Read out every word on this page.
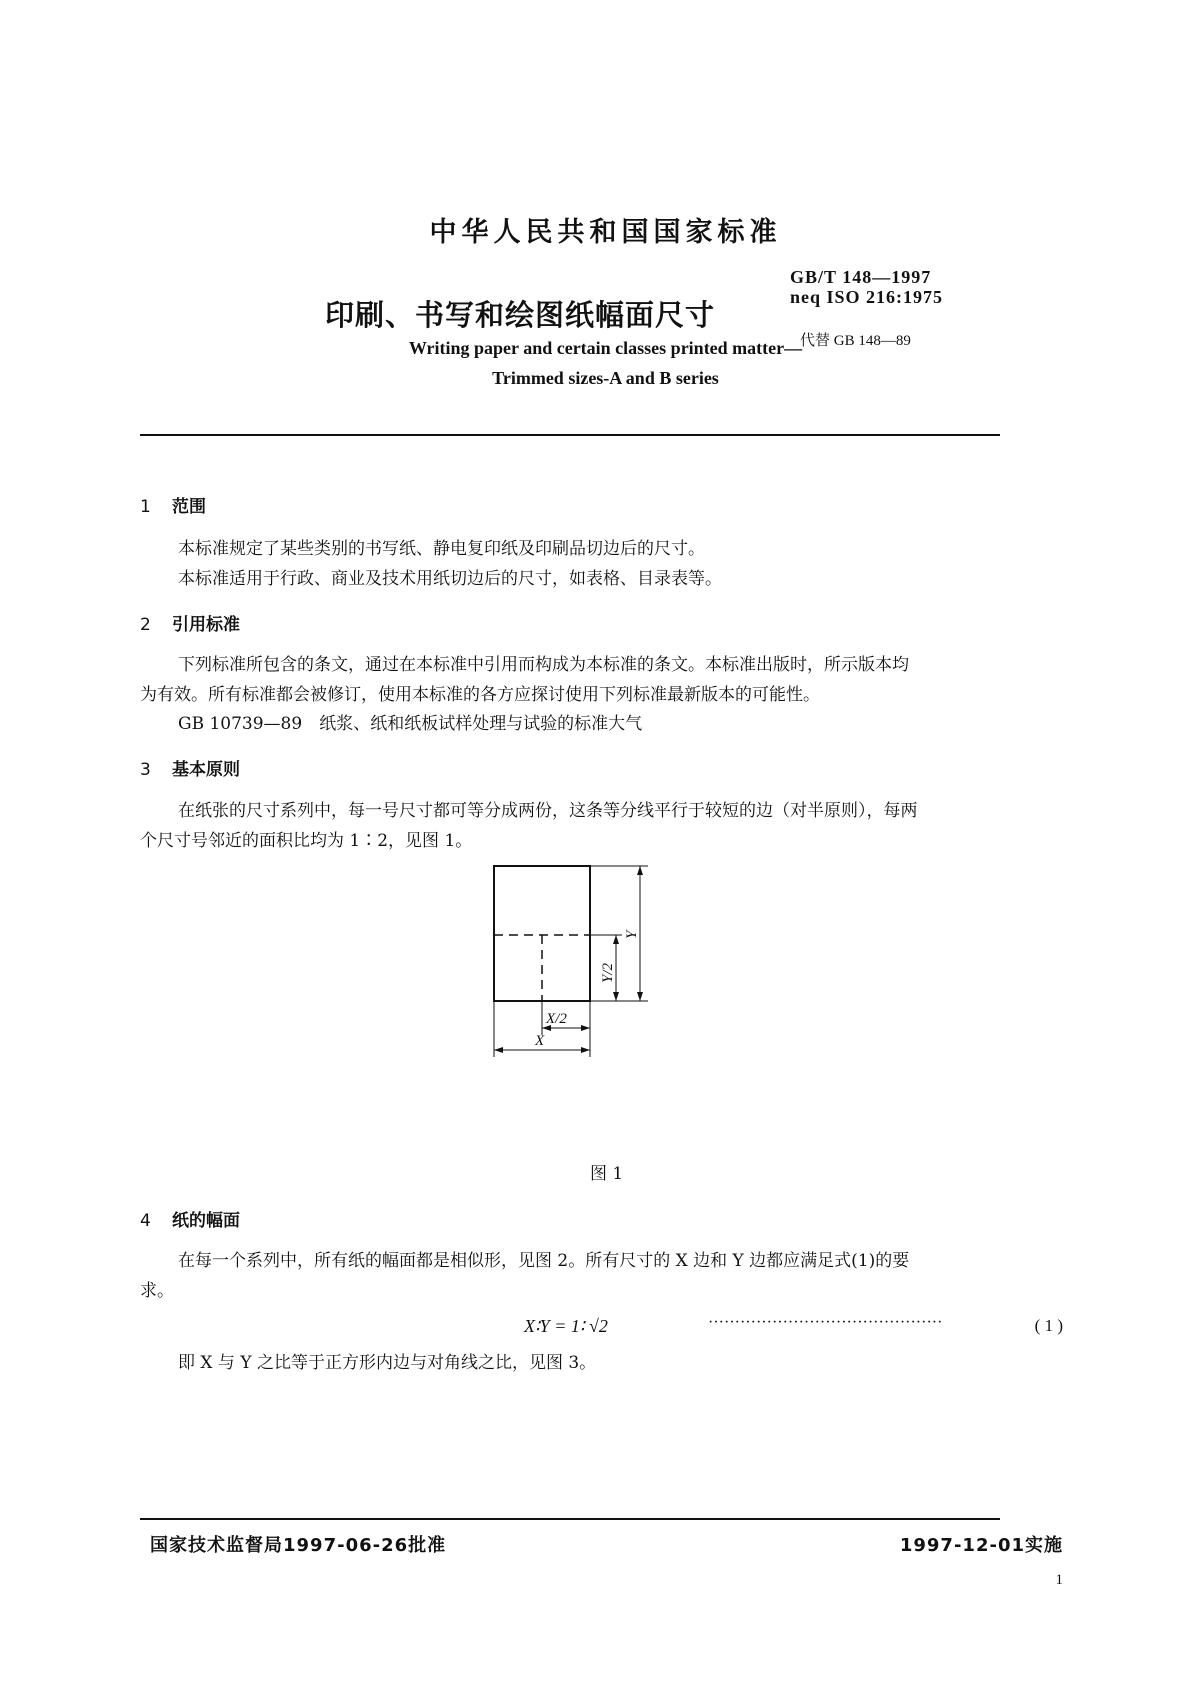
中华人民共和国国家标准
印刷、书写和绘图纸幅面尺寸
GB/T 148—1997
neq ISO 216:1975
代替 GB 148—89
Writing paper and certain classes printed matter—
Trimmed sizes-A and B series
1 范围
本标准规定了某些类别的书写纸、静电复印纸及印刷品切边后的尺寸。
本标准适用于行政、商业及技术用纸切边后的尺寸，如表格、目录表等。
2 引用标准
下列标准所包含的条文，通过在本标准中引用而构成为本标准的条文。本标准出版时，所示版本均
为有效。所有标准都会被修订，使用本标准的各方应探讨使用下列标准最新版本的可能性。
GB 10739—89　纸浆、纸和纸板试样处理与试验的标准大气
3 基本原则
在纸张的尺寸系列中，每一号尺寸都可等分成两份，这条等分线平行于较短的边（对半原则），每两
个尺寸号邻近的面积比均为 1∶2，见图 1。
X/2
X
Y/2
Y
图 1
4 纸的幅面
在每一个系列中，所有纸的幅面都是相似形，见图 2。所有尺寸的 X 边和 Y 边都应满足式(1)的要
求。
X∶Y = 1∶ √2	············································	( 1 )
即 X 与 Y 之比等于正方形内边与对角线之比，见图 3。
国家技术监督局1997-06-26批准	1997-12-01实施
1
